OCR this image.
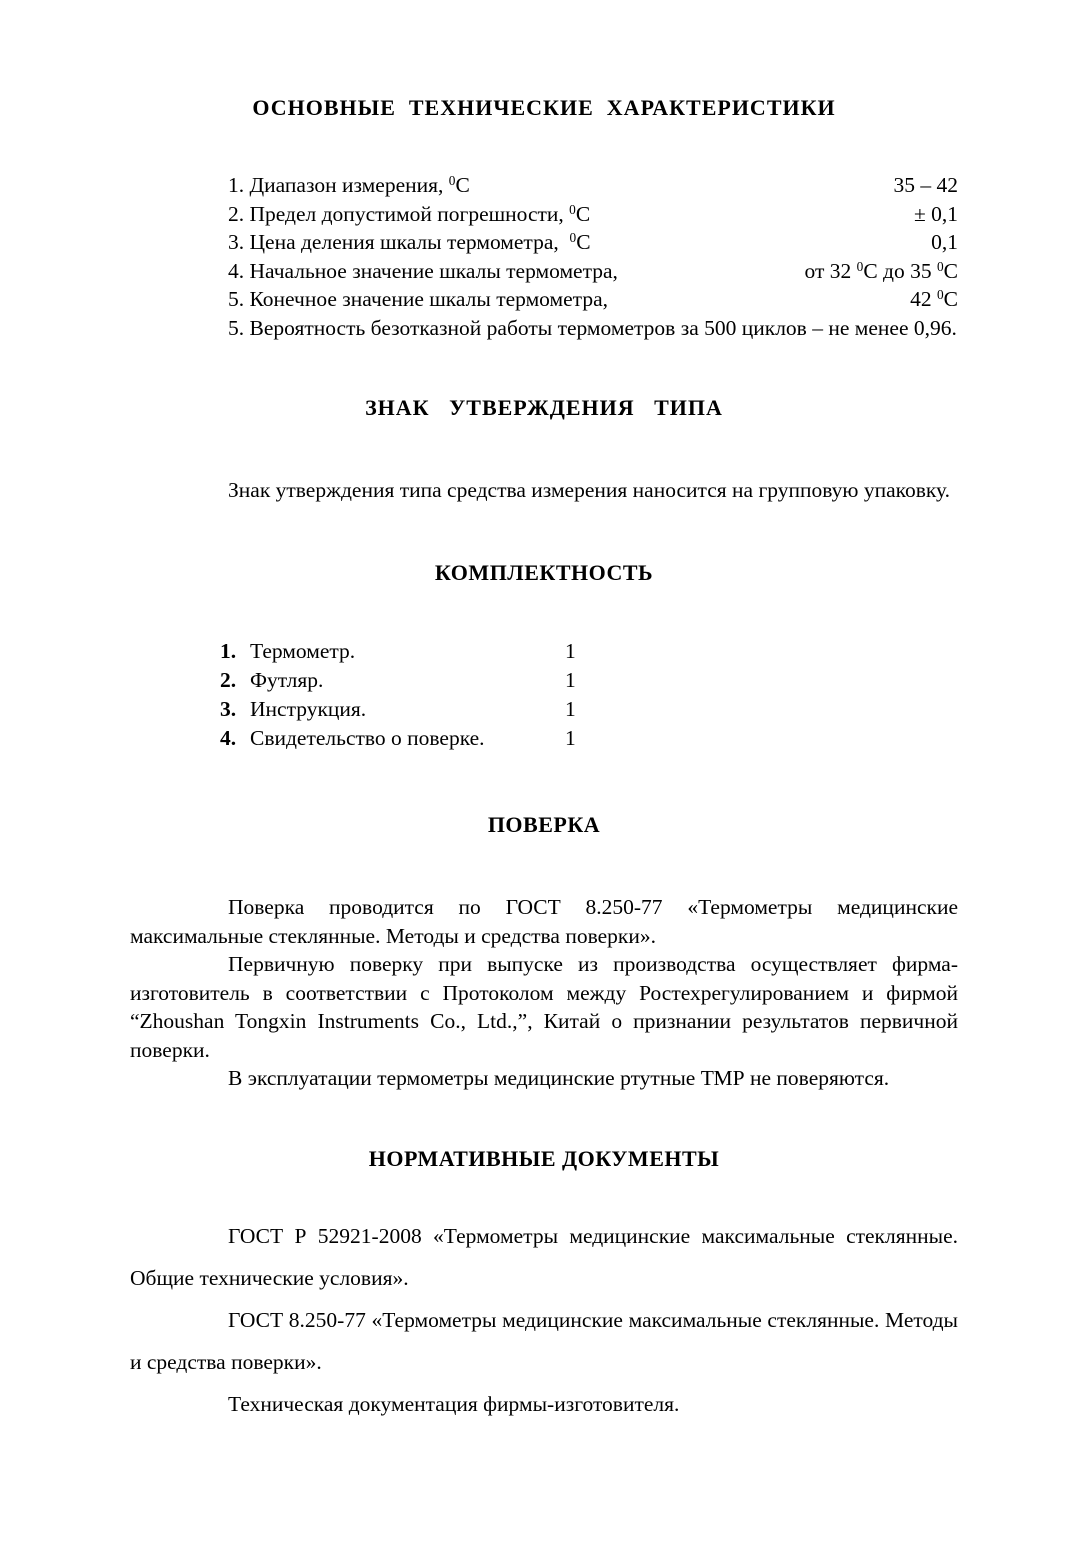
ОСНОВНЫЕ  ТЕХНИЧЕСКИЕ  ХАРАКТЕРИСТИКИ
1. Диапазон измерения, $^0$С	35 – 42
2. Предел допустимой погрешности, $^0$С	± 0,1
3. Цена деления шкалы термометра,  $^0$С	0,1
4. Начальное значение шкалы термометра,	от 32 $^0$С до 35 $^0$С
5. Конечное значение шкалы термометра,	42 $^0$С

5. Вероятность безотказной работы термометров за 500 циклов – не менее 0,96.

ЗНАК   УТВЕРЖДЕНИЯ   ТИПА

Знак утверждения типа средства измерения наносится на групповую упаковку.

КОМПЛЕКТНОСТЬ
1. Термометр.	1
2. Футляр.	1
3. Инструкция.	1
4. Свидетельство о поверке.	1
ПОВЕРКА

Поверка проводится по ГОСТ 8.250-77 «Термометры медицинские максимальные стеклянные. Методы и средства поверки».

Первичную поверку при выпуске из производства осуществляет фирма-изготовитель в соответствии с Протоколом между Ростехрегулированием и фирмой “Zhoushan Tongxin Instruments Co., Ltd.,”, Китай о признании результатов первичной поверки.

В эксплуатации термометры медицинские ртутные ТМР не поверяются.

НОРМАТИВНЫЕ ДОКУМЕНТЫ

ГОСТ Р 52921-2008 «Термометры медицинские максимальные стеклянные. Общие технические условия».

ГОСТ 8.250-77 «Термометры медицинские максимальные стеклянные. Методы и средства поверки».

Техническая документация фирмы-изготовителя.
